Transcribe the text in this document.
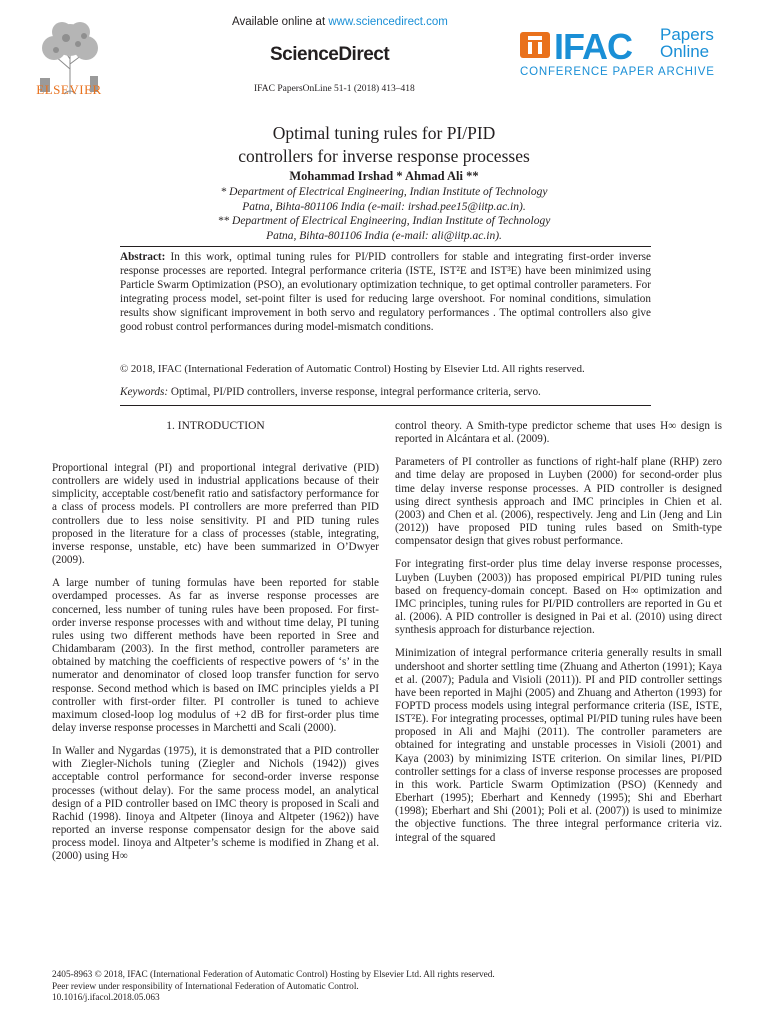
ELSEVIER
Available online at www.sciencedirect.com
ScienceDirect
IFAC PapersOnLine 51-1 (2018) 413–418
IFAC Papers
Online
CONFERENCE PAPER ARCHIVE
Optimal tuning rules for PI/PID
controllers for inverse response processes
Mohammad Irshad * Ahmad Ali **
* Department of Electrical Engineering, Indian Institute of Technology
Patna, Bihta-801106 India (e-mail: irshad.pee15@iitp.ac.in).
** Department of Electrical Engineering, Indian Institute of Technology
Patna, Bihta-801106 India (e-mail: ali@iitp.ac.in).
Abstract: In this work, optimal tuning rules for PI/PID controllers for stable and integrating first-order inverse response processes are reported. Integral performance criteria (ISTE, IST²E and IST³E) have been minimized using Particle Swarm Optimization (PSO), an evolutionary optimization technique, to get optimal controller parameters. For integrating process model, set-point filter is used for reducing large overshoot. For nominal conditions, simulation results show significant improvement in both servo and regulatory performances . The optimal controllers also give good robust control performances during model-mismatch conditions.
© 2018, IFAC (International Federation of Automatic Control) Hosting by Elsevier Ltd. All rights reserved.
Keywords: Optimal, PI/PID controllers, inverse response, integral performance criteria, servo.
1. INTRODUCTION

Proportional integral (PI) and proportional integral derivative (PID) controllers are widely used in industrial applications because of their simplicity, acceptable cost/benefit ratio and satisfactory performance for a class of process models. PI controllers are more preferred than PID controllers due to less noise sensitivity. PI and PID tuning rules proposed in the literature for a class of processes (stable, integrating, inverse response, unstable, etc) have been summarized in O’Dwyer (2009).

A large number of tuning formulas have been reported for stable overdamped processes. As far as inverse response processes are concerned, less number of tuning rules have been proposed. For first-order inverse response processes with and without time delay, PI tuning rules using two different methods have been reported in Sree and Chidambaram (2003). In the first method, controller parameters are obtained by matching the coefficients of respective powers of ‘s’ in the numerator and denominator of closed loop transfer function for servo response. Second method which is based on IMC principles yields a PI controller with first-order filter. PI controller is tuned to achieve maximum closed-loop log modulus of +2 dB for first-order plus time delay inverse response processes in Marchetti and Scali (2000).

In Waller and Nygardas (1975), it is demonstrated that a PID controller with Ziegler-Nichols tuning (Ziegler and Nichols (1942)) gives acceptable control performance for second-order inverse response processes (without delay). For the same process model, an analytical design of a PID controller based on IMC theory is proposed in Scali and Rachid (1998). Iinoya and Altpeter (Iinoya and Altpeter (1962)) have reported an inverse response compensator design for the above said process model. Iinoya and Altpeter’s scheme is modified in Zhang et al. (2000) using H∞

control theory. A Smith-type predictor scheme that uses H∞ design is reported in Alcántara et al. (2009).

Parameters of PI controller as functions of right-half plane (RHP) zero and time delay are proposed in Luyben (2000) for second-order plus time delay inverse response processes. A PID controller is designed using direct synthesis approach and IMC principles in Chien et al. (2003) and Chen et al. (2006), respectively. Jeng and Lin (Jeng and Lin (2012)) have proposed PID tuning rules based on Smith-type compensator design that gives robust performance.

For integrating first-order plus time delay inverse response processes, Luyben (Luyben (2003)) has proposed empirical PI/PID tuning rules based on frequency-domain concept. Based on H∞ optimization and IMC principles, tuning rules for PI/PID controllers are reported in Gu et al. (2006). A PID controller is designed in Pai et al. (2010) using direct synthesis approach for disturbance rejection.

Minimization of integral performance criteria generally results in small undershoot and shorter settling time (Zhuang and Atherton (1991); Kaya et al. (2007); Padula and Visioli (2011)). PI and PID controller settings have been reported in Majhi (2005) and Zhuang and Atherton (1993) for FOPTD process models using integral performance criteria (ISE, ISTE, IST²E). For integrating processes, optimal PI/PID tuning rules have been proposed in Ali and Majhi (2011). The controller parameters are obtained for integrating and unstable processes in Visioli (2001) and Kaya (2003) by minimizing ISTE criterion. On similar lines, PI/PID controller settings for a class of inverse response processes are proposed in this work. Particle Swarm Optimization (PSO) (Kennedy and Eberhart (1995); Eberhart and Kennedy (1995); Shi and Eberhart (1998); Eberhart and Shi (2001); Poli et al. (2007)) is used to minimize the objective functions. The three integral performance criteria viz. integral of the squared

2405-8963 © 2018, IFAC (International Federation of Automatic Control) Hosting by Elsevier Ltd. All rights reserved.
Peer review under responsibility of International Federation of Automatic Control.
10.1016/j.ifacol.2018.05.063
